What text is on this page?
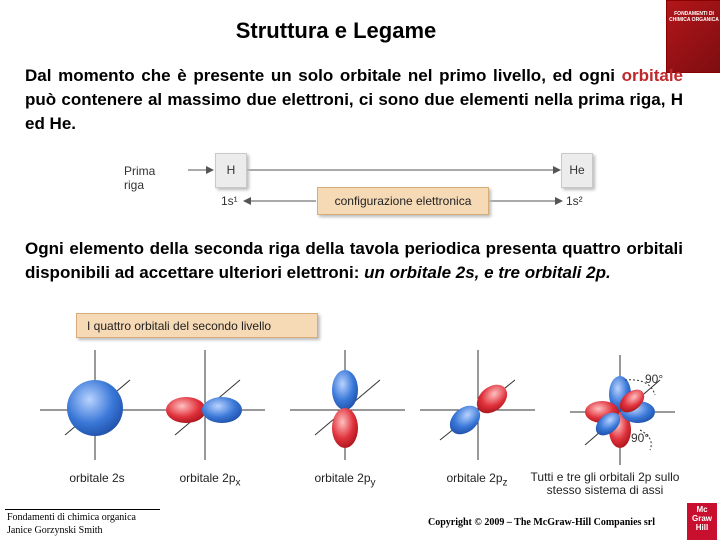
Struttura e Legame
FONDAMENTI DI CHIMICA ORGANICA
Dal momento che è presente un solo orbitale nel primo livello, ed ogni orbitale può contenere al massimo due elettroni, ci sono due elementi nella prima riga, H ed He.
Prima riga
H	He
1s¹	1s²
configurazione elettronica
Ogni elemento della seconda riga della tavola periodica presenta quattro orbitali disponibili ad accettare ulteriori elettroni: un orbitale 2s, e tre orbitali 2p.
I quattro orbitali del secondo livello
90°
90°
orbitale 2s	orbitale $2p_x$	orbitale $2p_y$	orbitale $2p_z$	Tutti e tre gli orbitali 2p sullo stesso sistema di assi
Fondamenti di chimica organica
Janice Gorzynski Smith
Copyright © 2009 – The McGraw-Hill Companies srl
Mc Graw Hill
